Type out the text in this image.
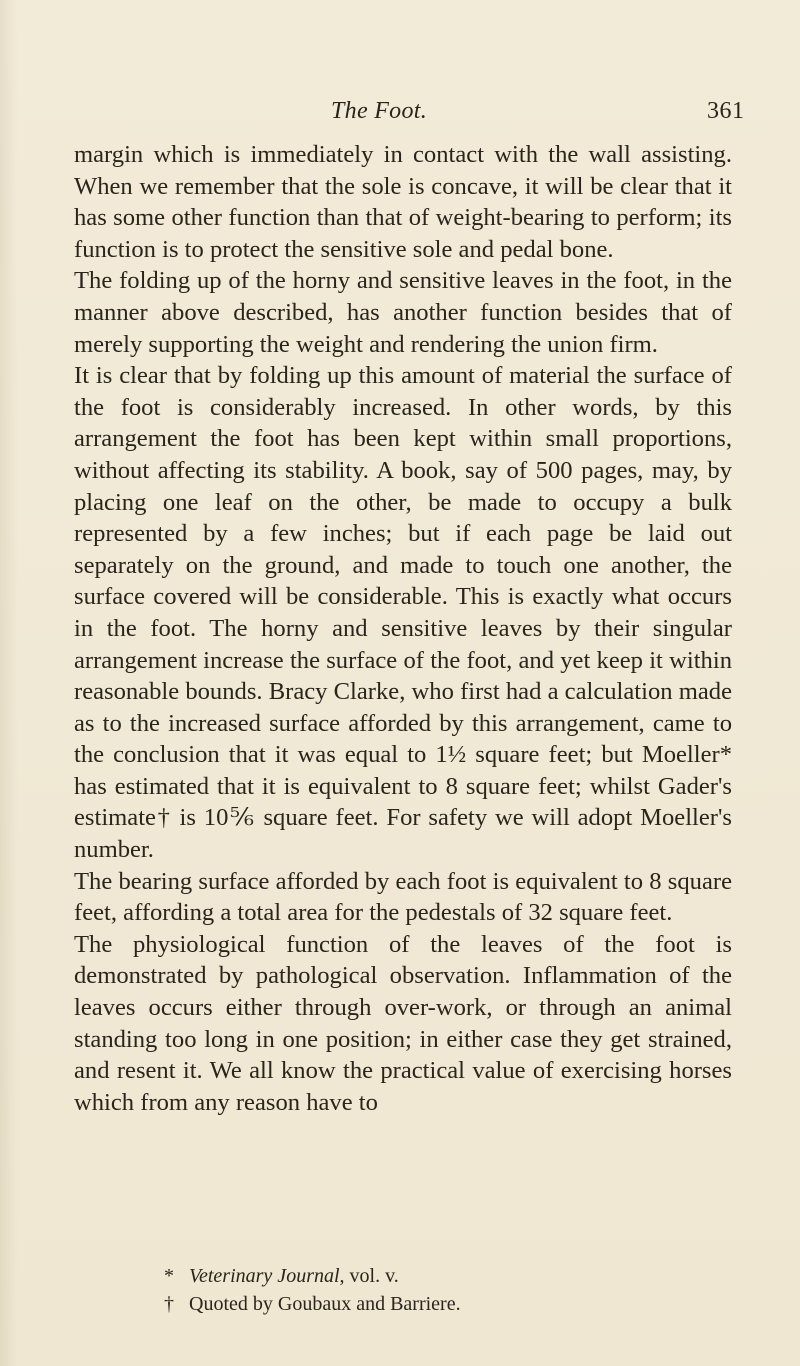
The Foot.	361

margin which is immediately in contact with the wall assisting. When we remember that the sole is concave, it will be clear that it has some other function than that of weight-bearing to perform; its function is to protect the sensitive sole and pedal bone.

The folding up of the horny and sensitive leaves in the foot, in the manner above described, has another function besides that of merely supporting the weight and rendering the union firm.

It is clear that by folding up this amount of material the surface of the foot is considerably increased. In other words, by this arrangement the foot has been kept within small proportions, without affecting its stability. A book, say of 500 pages, may, by placing one leaf on the other, be made to occupy a bulk represented by a few inches; but if each page be laid out separately on the ground, and made to touch one another, the surface covered will be considerable. This is exactly what occurs in the foot. The horny and sensitive leaves by their singular arrangement increase the surface of the foot, and yet keep it within reasonable bounds. Bracy Clarke, who first had a calculation made as to the increased surface afforded by this arrangement, came to the conclusion that it was equal to 1½ square feet; but Moeller* has estimated that it is equivalent to 8 square feet; whilst Gader's estimate† is 10⅚ square feet. For safety we will adopt Moeller's number.

The bearing surface afforded by each foot is equivalent to 8 square feet, affording a total area for the pedestals of 32 square feet.

The physiological function of the leaves of the foot is demonstrated by pathological observation. Inflammation of the leaves occurs either through over-work, or through an animal standing too long in one position; in either case they get strained, and resent it. We all know the practical value of exercising horses which from any reason have to

* Veterinary Journal, vol. v.

† Quoted by Goubaux and Barriere.
